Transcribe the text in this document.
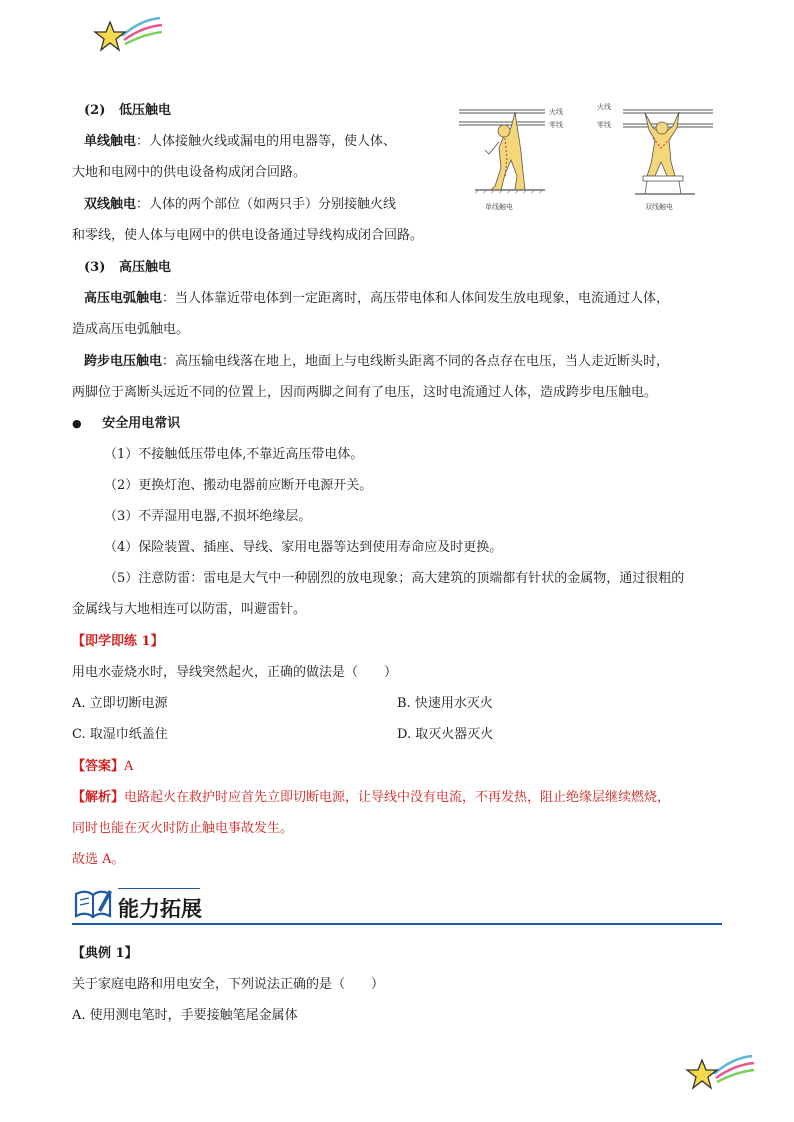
(2) 低压触电
单线触电：人体接触火线或漏电的用电器等，使人体、
大地和电网中的供电设备构成闭合回路。
双线触电：人体的两个部位（如两只手）分别接触火线
和零线，使人体与电网中的供电设备通过导线构成闭合回路。
火线
零线
单线触电
火线
零线
双线触电
(3) 高压触电
高压电弧触电：当人体靠近带电体到一定距离时，高压带电体和人体间发生放电现象，电流通过人体，
造成高压电弧触电。
跨步电压触电：高压输电线落在地上，地面上与电线断头距离不同的各点存在电压，当人走近断头时，
两脚位于离断头远近不同的位置上，因而两脚之间有了电压，这时电流通过人体，造成跨步电压触电。
● 安全用电常识
（1）不接触低压带电体,不靠近高压带电体。
（2）更换灯泡、搬动电器前应断开电源开关。
（3）不弄湿用电器,不损坏绝缘层。
（4）保险装置、插座、导线、家用电器等达到使用寿命应及时更换。
（5）注意防雷：雷电是大气中一种剧烈的放电现象；高大建筑的顶端都有针状的金属物，通过很粗的
金属线与大地相连可以防雷，叫避雷针。
【即学即练 1】
用电水壶烧水时，导线突然起火，正确的做法是（　　）
A. 立即切断电源	B. 快速用水灭火
C. 取湿巾纸盖住	D. 取灭火器灭火
【答案】A
【解析】电路起火在救护时应首先立即切断电源，让导线中没有电流，不再发热，阻止绝缘层继续燃烧，
同时也能在灭火时防止触电事故发生。
故选 A。
能力拓展
【典例 1】
关于家庭电路和用电安全，下列说法正确的是（　　）
A. 使用测电笔时，手要接触笔尾金属体
